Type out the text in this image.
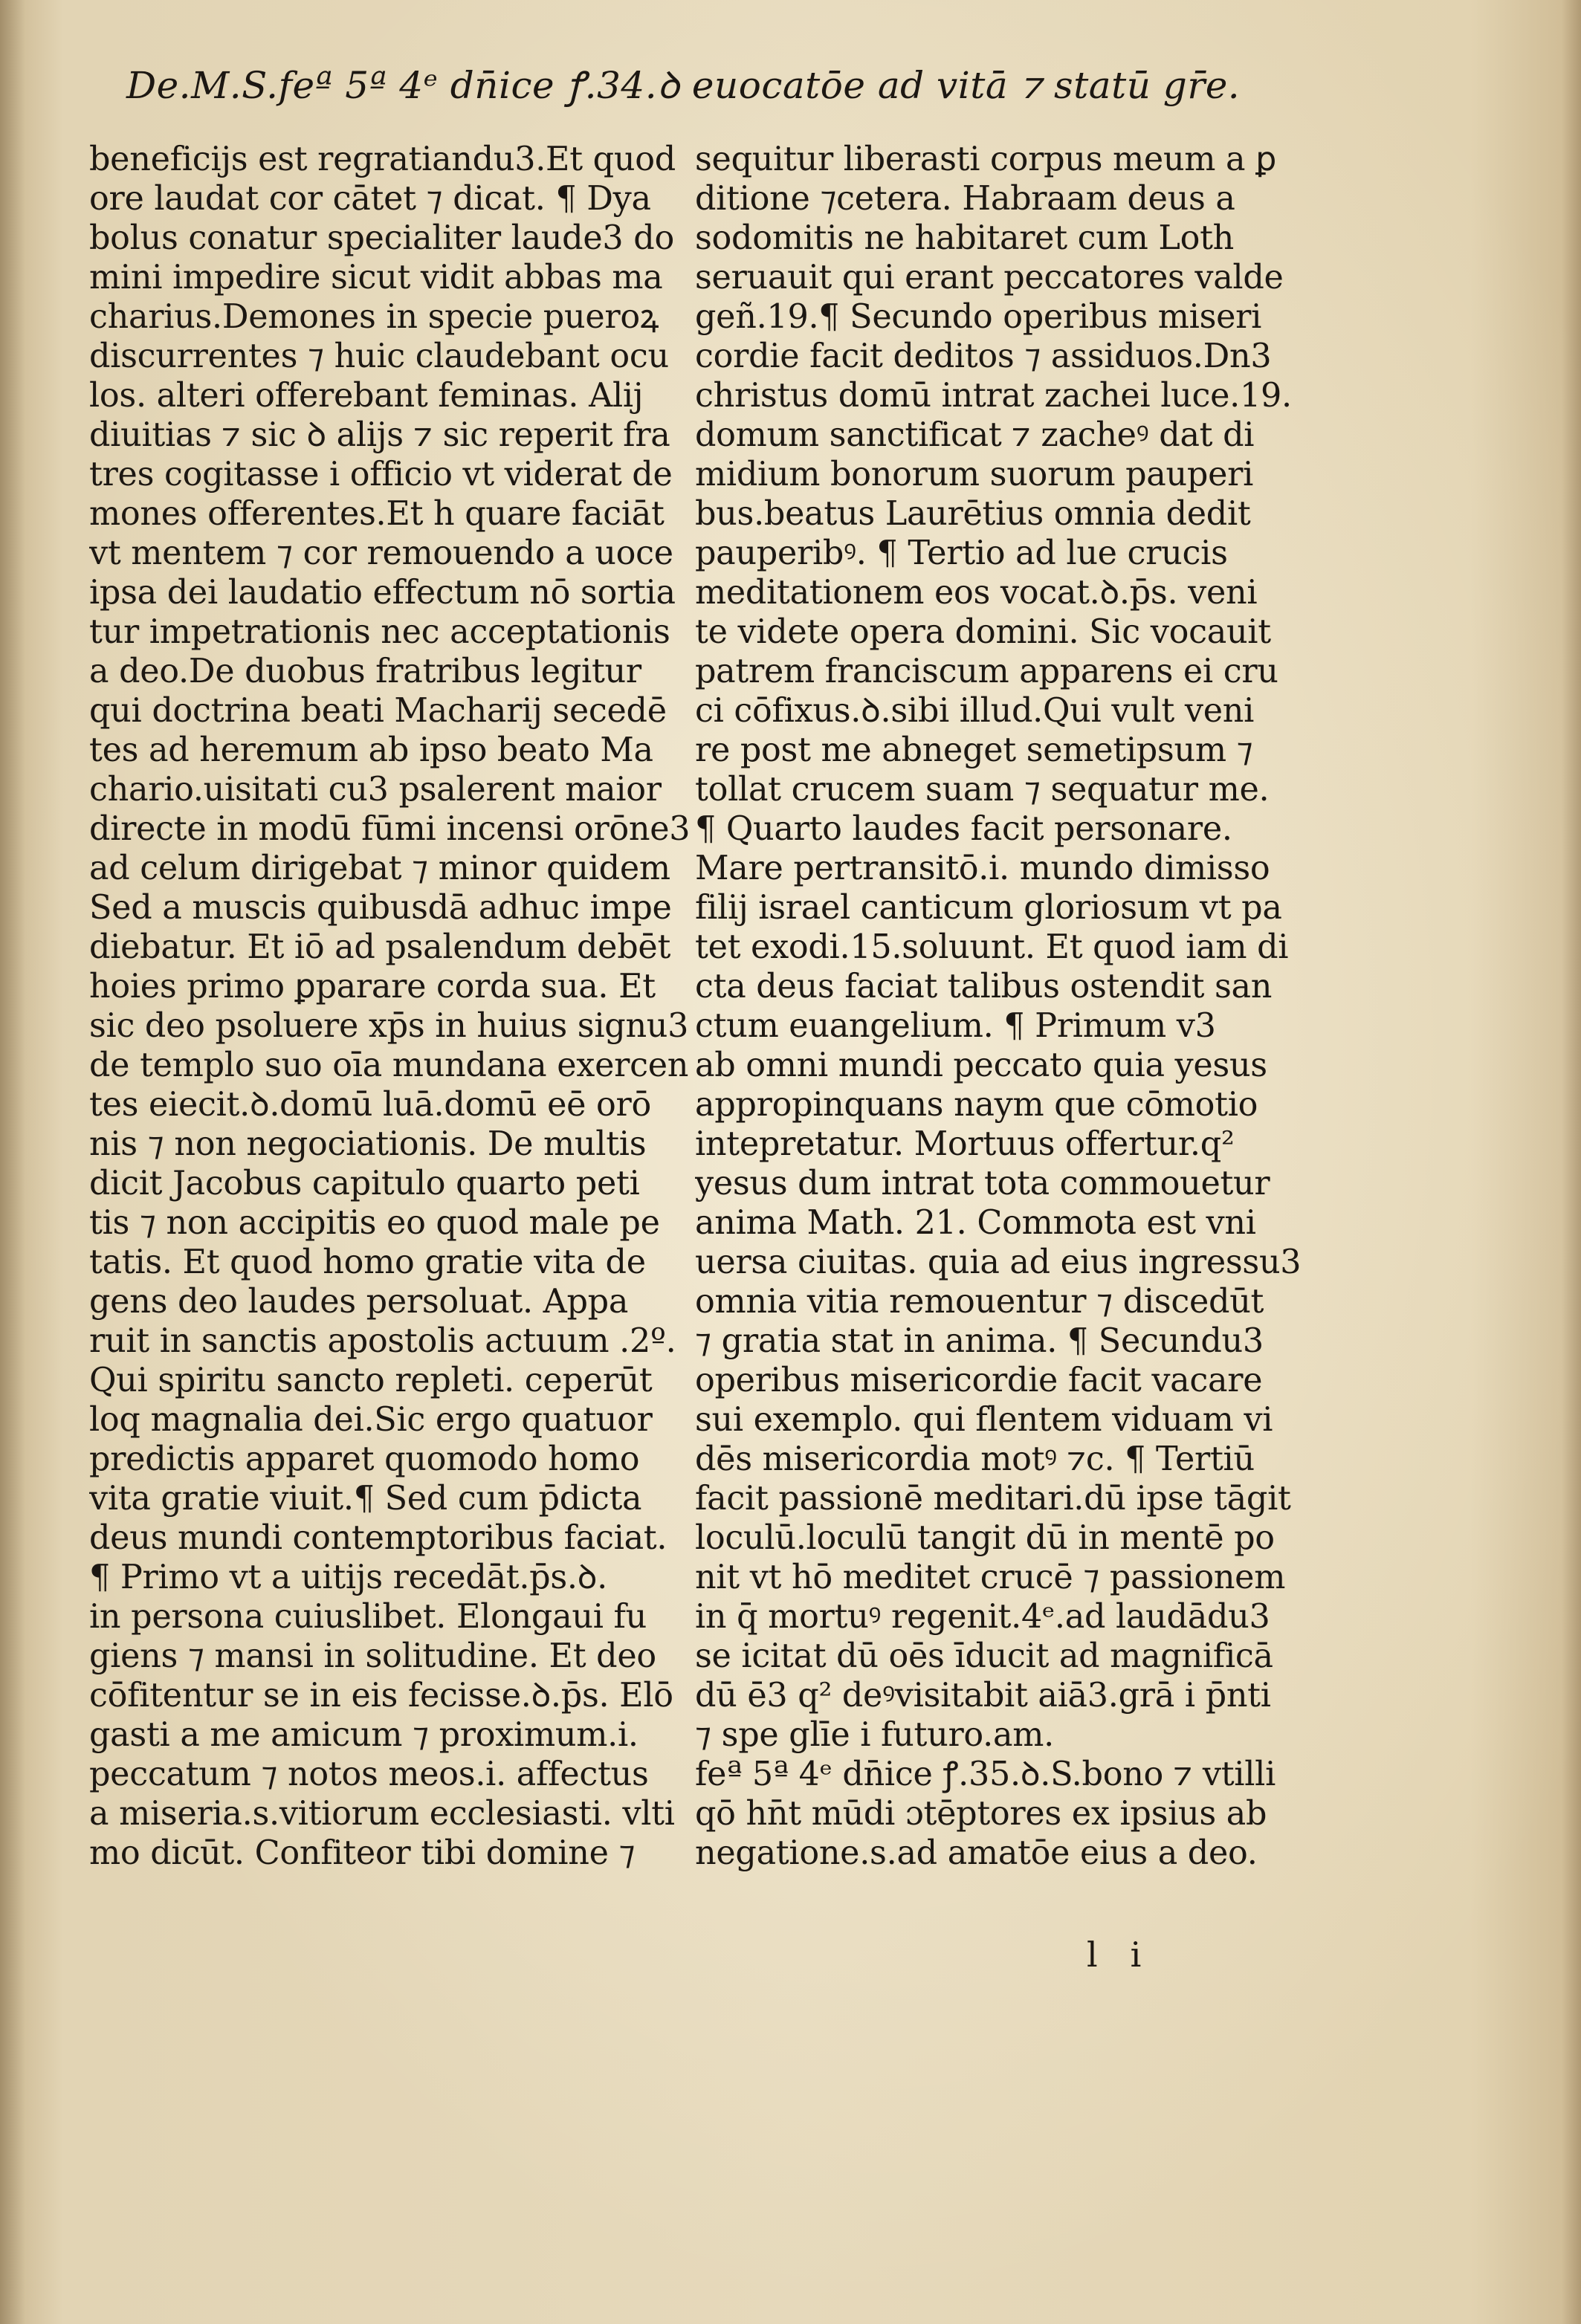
De.M.S.feª 5ª 4ᵉ dn̄ice ꝭ.34.ꝺ euocatōe ad vitā ⁊ statū gr̄e.
beneficijs est regratiandu3.Et quod
ore laudat cor cātet ⁊ dicat. ¶ Dya
bolus conatur specialiter laude3 do
mini impedire sicut vidit abbas ma
charius.Demones in specie pueroꝝ
discurrentes ⁊ huic claudebant ocu
los. alteri offerebant feminas. Alij
diuitias ⁊ sic ꝺ alijs ⁊ sic reperit fra
tres cogitasse i officio vt viderat de
mones offerentes.Et h quare faciāt
vt mentem ⁊ cor remouendo a uoce
ipsa dei laudatio effectum nō sortia
tur impetrationis nec acceptationis
a deo.De duobus fratribus legitur
qui doctrina beati Macharij secedē
tes ad heremum ab ipso beato Ma
chario.uisitati cu3 psalerent maior
directe in modū fūmi incensi orōne3
ad celum dirigebat ⁊ minor quidem
Sed a muscis quibusdā adhuc impe
diebatur. Et iō ad psalendum debēt
hoies primo ꝑparare corda sua. Et
sic deo psoluere xp̄s in huius signu3
de templo suo oīa mundana exercen
tes eiecit.ꝺ.domū luā.domū eē orō
nis ⁊ non negociationis. De multis
dicit Jacobus capitulo quarto peti
tis ⁊ non accipitis eo quod male pe
tatis. Et quod homo gratie vita de
gens deo laudes persoluat. Appa
ruit in sanctis apostolis actuum .2º.
Qui spiritu sancto repleti. ceperūt
loq magnalia dei.Sic ergo quatuor
predictis apparet quomodo homo
vita gratie viuit.¶ Sed cum p̄dicta
deus mundi contemptoribus faciat.
¶ Primo vt a uitijs recedāt.p̄s.ꝺ.
in persona cuiuslibet. Elongaui fu
giens ⁊ mansi in solitudine. Et deo
cōfitentur se in eis fecisse.ꝺ.p̄s. Elō
gasti a me amicum ⁊ proximum.i.
peccatum ⁊ notos meos.i. affectus
a miseria.s.vitiorum ecclesiasti. vlti
mo dicūt. Confiteor tibi domine ⁊
sequitur liberasti corpus meum a ꝑ
ditione ⁊cetera. Habraam deus a
sodomitis ne habitaret cum Loth
seruauit qui erant peccatores valde
geñ.19.¶ Secundo operibus miseri
cordie facit deditos ⁊ assiduos.Dn3
christus domū intrat zachei luce.19.
domum sanctificat ⁊ zacheꝰ dat di
midium bonorum suorum pauperi
bus.beatus Laurētius omnia dedit
pauperibꝰ. ¶ Tertio ad lue crucis
meditationem eos vocat.ꝺ.p̄s. veni
te videte opera domini. Sic vocauit
patrem franciscum apparens ei cru
ci cōfixus.ꝺ.sibi illud.Qui vult veni
re post me abneget semetipsum ⁊
tollat crucem suam ⁊ sequatur me.
¶ Quarto laudes facit personare.
Mare pertransitō.i. mundo dimisso
filij israel canticum gloriosum vt pa
tet exodi.15.soluunt. Et quod iam di
cta deus faciat talibus ostendit san
ctum euangelium. ¶ Primum v3
ab omni mundi peccato quia yesus
appropinquans naym que cōmotio
intepretatur. Mortuus offertur.q²
yesus dum intrat tota commouetur
anima Math. 21. Commota est vni
uersa ciuitas. quia ad eius ingressu3
omnia vitia remouentur ⁊ discedūt
⁊ gratia stat in anima. ¶ Secundu3
operibus misericordie facit vacare
sui exemplo. qui flentem viduam vi
dēs misericordia motꝰ ⁊c. ¶ Tertiū
facit passionē meditari.dū ipse tāgit
loculū.loculū tangit dū in mentē po
nit vt hō meditet crucē ⁊ passionem
in q̄ mortuꝰ regenit.4ᵉ.ad laudādu3
se icitat dū oēs īducit ad magnificā
dū ē3 q² deꝰvisitabit aiā3.grā i p̄nti
⁊ spe glīe i futuro.am.
feª 5ª 4ᵉ dn̄ice ꝭ.35.ꝺ.S.bono ⁊ vtilli
qō hn̄t mūdi ɔtēptores ex ipsius ab
negatione.s.ad amatōe eius a deo.
l   i
